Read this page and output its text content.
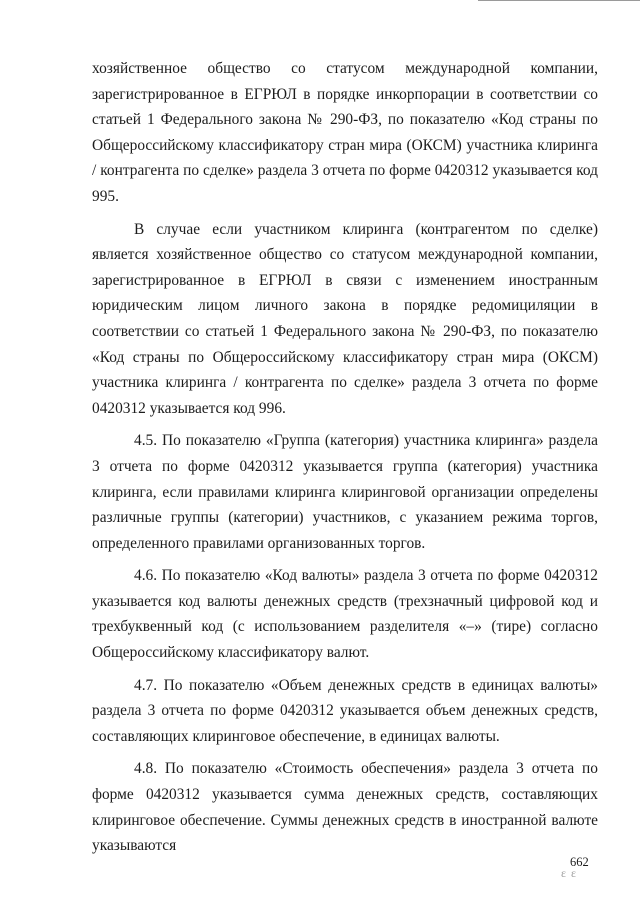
хозяйственное общество со статусом международной компании, зарегистрированное в ЕГРЮЛ в порядке инкорпорации в соответствии со статьей 1 Федерального закона № 290-ФЗ, по показателю «Код страны по Общероссийскому классификатору стран мира (ОКСМ) участника клиринга / контрагента по сделке» раздела 3 отчета по форме 0420312 указывается код 995.

В случае если участником клиринга (контрагентом по сделке) является хозяйственное общество со статусом международной компании, зарегистрированное в ЕГРЮЛ в связи с изменением иностранным юридическим лицом личного закона в порядке редомициляции в соответствии со статьей 1 Федерального закона № 290-ФЗ, по показателю «Код страны по Общероссийскому классификатору стран мира (ОКСМ) участника клиринга / контрагента по сделке» раздела 3 отчета по форме 0420312 указывается код 996.

4.5. По показателю «Группа (категория) участника клиринга» раздела 3 отчета по форме 0420312 указывается группа (категория) участника клиринга, если правилами клиринга клиринговой организации определены различные группы (категории) участников, с указанием режима торгов, определенного правилами организованных торгов.

4.6. По показателю «Код валюты» раздела 3 отчета по форме 0420312 указывается код валюты денежных средств (трехзначный цифровой код и трехбуквенный код (с использованием разделителя «–» (тире) согласно Общероссийскому классификатору валют.

4.7. По показателю «Объем денежных средств в единицах валюты» раздела 3 отчета по форме 0420312 указывается объем денежных средств, составляющих клиринговое обеспечение, в единицах валюты.

4.8. По показателю «Стоимость обеспечения» раздела 3 отчета по форме 0420312 указывается сумма денежных средств, составляющих клиринговое обеспечение. Суммы денежных средств в иностранной валюте указываются

662
ε ε
